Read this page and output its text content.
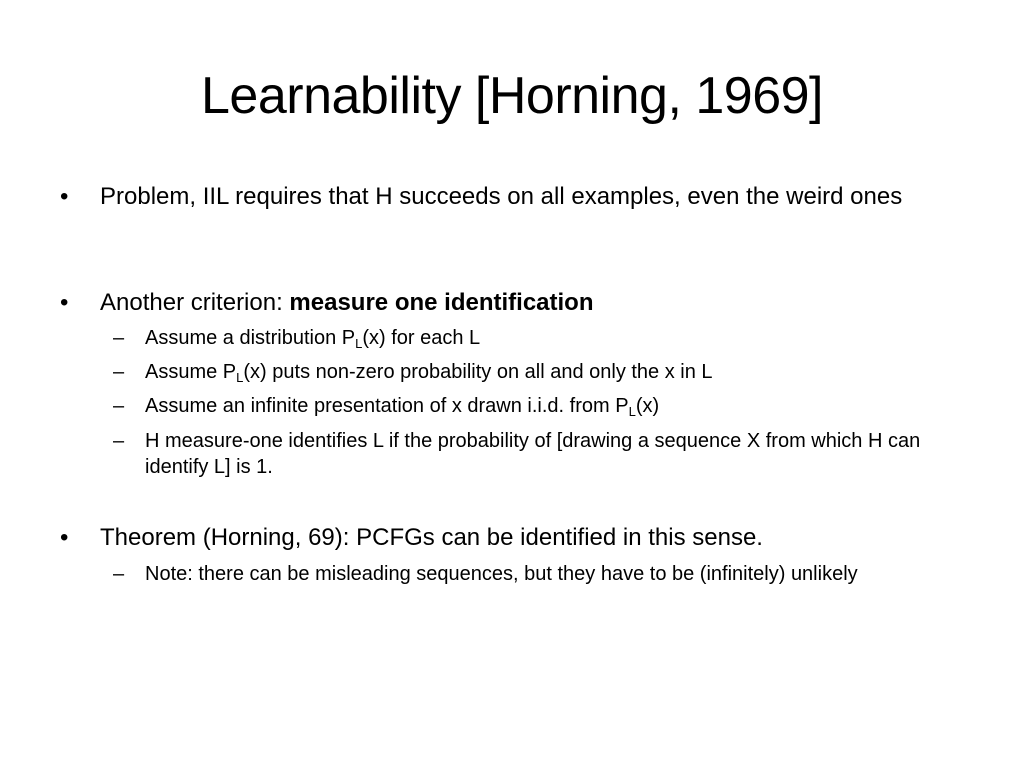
Learnability [Horning, 1969]
•	Problem, IIL requires that H succeeds on all examples, even the weird ones
•	Another criterion: measure one identification
–	Assume a distribution $P_L(x)$ for each L
–	Assume $P_L(x)$ puts non-zero probability on all and only the x in L
–	Assume an infinite presentation of x drawn i.i.d. from $P_L(x)$
–	H measure-one identifies L if the probability of [drawing a sequence X from which H can identify L] is 1.
•	Theorem (Horning, 69): PCFGs can be identified in this sense.
–	Note: there can be misleading sequences, but they have to be (infinitely) unlikely
